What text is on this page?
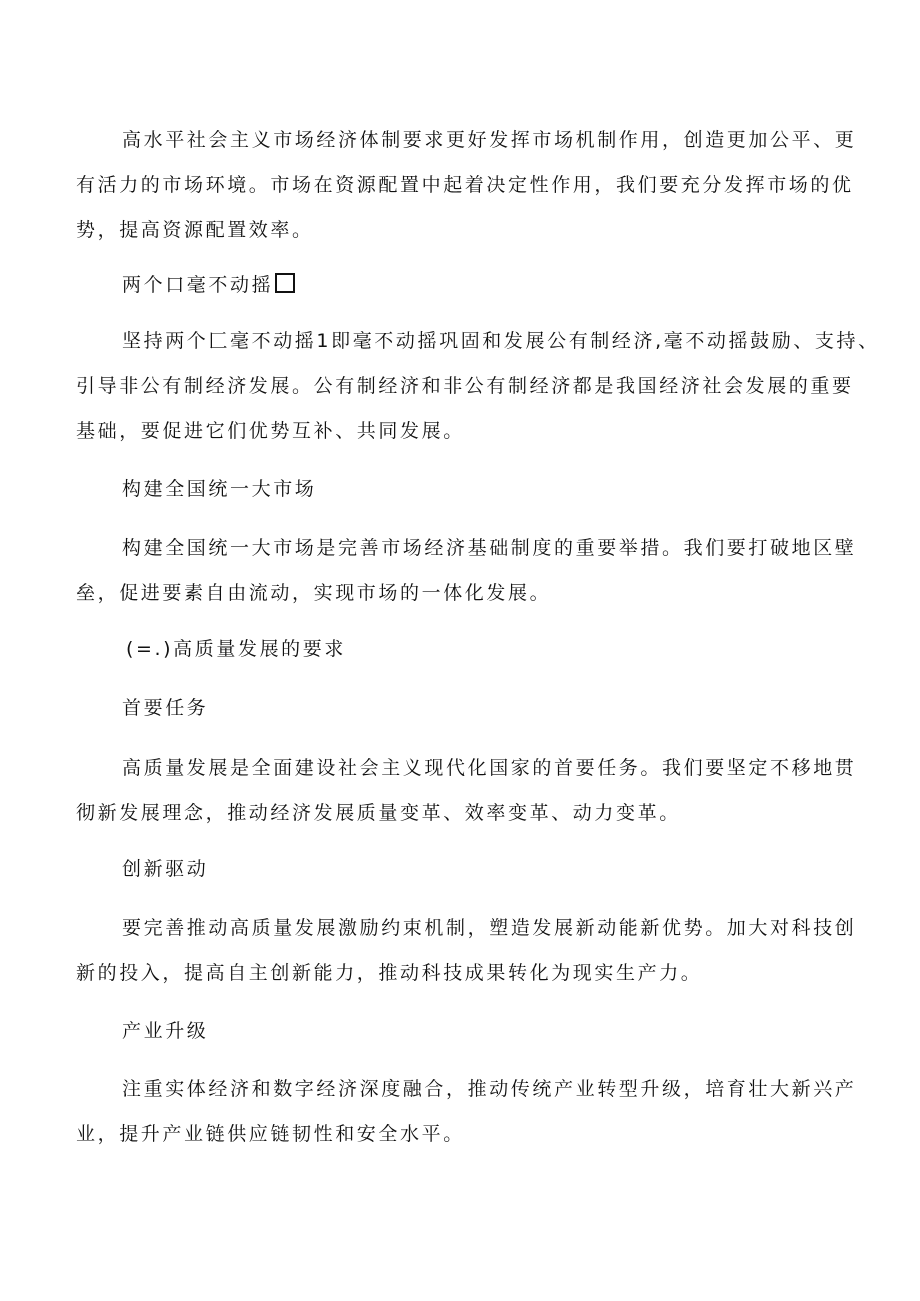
高水平社会主义市场经济体制要求更好发挥市场机制作用，创造更加公平、更
有活力的市场环境。市场在资源配置中起着决定性作用，我们要充分发挥市场的优
势，提高资源配置效率。
两个口毫不动摇
坚持两个匚毫不动摇1即毫不动摇巩固和发展公有制经济,毫不动摇鼓励、支持、
引导非公有制经济发展。公有制经济和非公有制经济都是我国经济社会发展的重要
基础，要促进它们优势互补、共同发展。
构建全国统一大市场
构建全国统一大市场是完善市场经济基础制度的重要举措。我们要打破地区壁
垒，促进要素自由流动，实现市场的一体化发展。
(=.)高质量发展的要求
首要任务
高质量发展是全面建设社会主义现代化国家的首要任务。我们要坚定不移地贯
彻新发展理念，推动经济发展质量变革、效率变革、动力变革。
创新驱动
要完善推动高质量发展激励约束机制，塑造发展新动能新优势。加大对科技创
新的投入，提高自主创新能力，推动科技成果转化为现实生产力。
产业升级
注重实体经济和数字经济深度融合，推动传统产业转型升级，培育壮大新兴产
业，提升产业链供应链韧性和安全水平。
